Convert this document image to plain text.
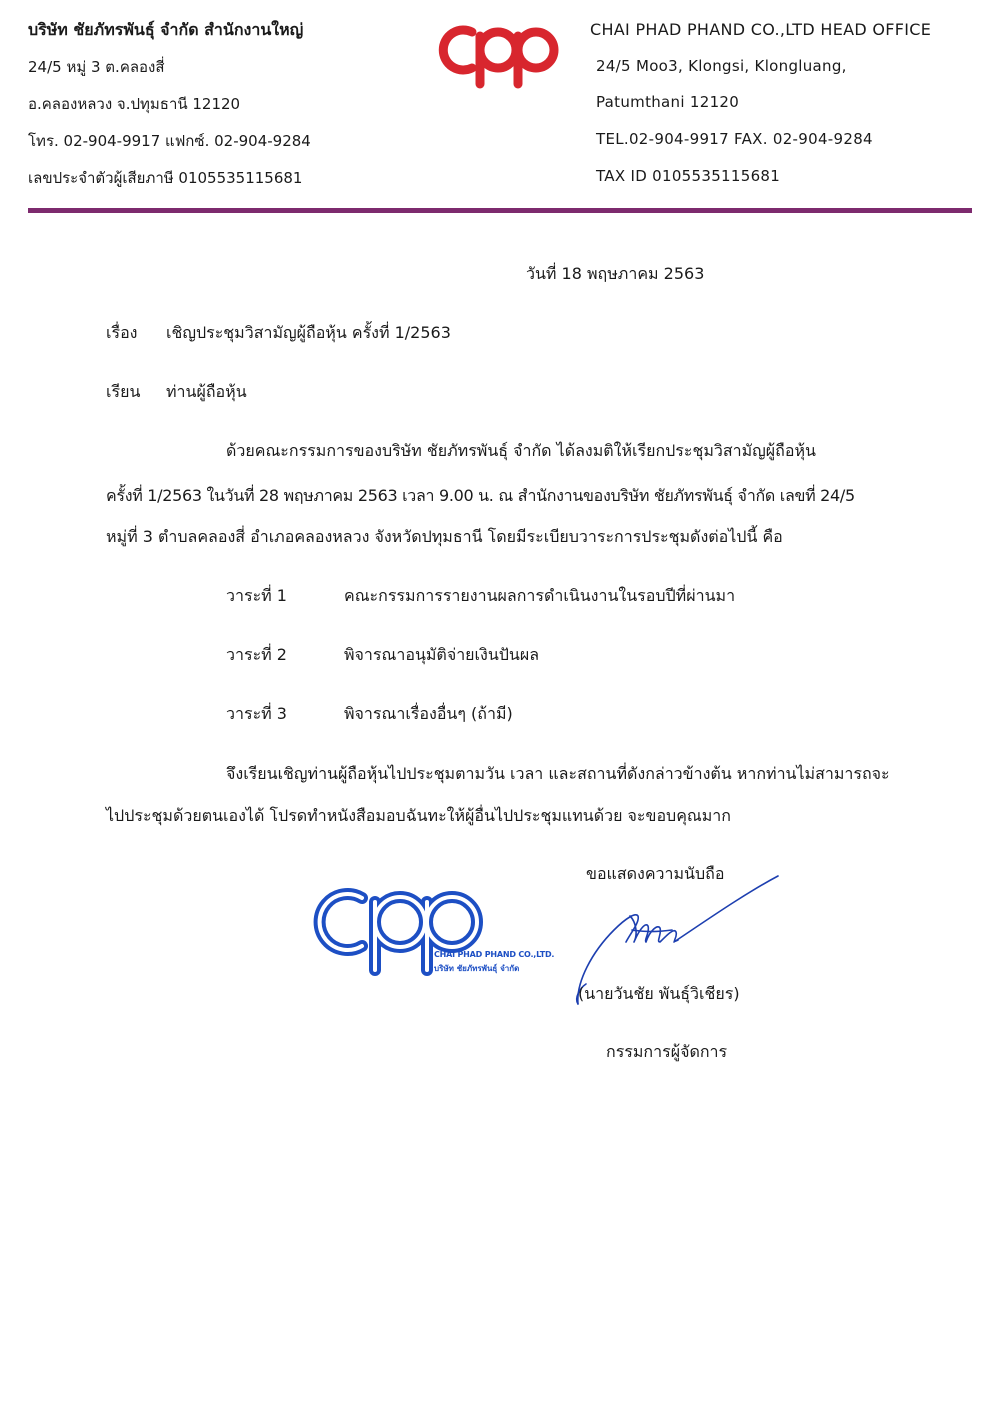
บริษัท ชัยภัทรพันธุ์ จำกัด สำนักงานใหญ่
24/5 หมู่ 3 ต.คลองสี่
อ.คลองหลวง จ.ปทุมธานี 12120
โทร. 02-904-9917 แฟกซ์. 02-904-9284
เลขประจำตัวผู้เสียภาษี 0105535115681
CHAI PHAD PHAND CO.,LTD HEAD OFFICE
24/5 Moo3, Klongsi, Klongluang,
Patumthani 12120
TEL.02-904-9917 FAX. 02-904-9284
TAX ID 0105535115681
วันที่ 18 พฤษภาคม 2563
เรื่อง เชิญประชุมวิสามัญผู้ถือหุ้น ครั้งที่ 1/2563
เรียน ท่านผู้ถือหุ้น
ด้วยคณะกรรมการของบริษัท ชัยภัทรพันธุ์ จำกัด ได้ลงมติให้เรียกประชุมวิสามัญผู้ถือหุ้น
ครั้งที่ 1/2563 ในวันที่ 28 พฤษภาคม 2563 เวลา 9.00 น. ณ สำนักงานของบริษัท ชัยภัทรพันธุ์ จำกัด เลขที่ 24/5
หมู่ที่ 3 ตำบลคลองสี่ อำเภอคลองหลวง จังหวัดปทุมธานี โดยมีระเบียบวาระการประชุมดังต่อไปนี้ คือ
วาระที่ 1	คณะกรรมการรายงานผลการดำเนินงานในรอบปีที่ผ่านมา
วาระที่ 2	พิจารณาอนุมัติจ่ายเงินปันผล
วาระที่ 3	พิจารณาเรื่องอื่นๆ (ถ้ามี)
จึงเรียนเชิญท่านผู้ถือหุ้นไปประชุมตามวัน เวลา และสถานที่ดังกล่าวข้างต้น หากท่านไม่สามารถจะ
ไปประชุมด้วยตนเองได้ โปรดทำหนังสือมอบฉันทะให้ผู้อื่นไปประชุมแทนด้วย จะขอบคุณมาก
ขอแสดงความนับถือ
CHAI PHAD PHAND CO.,LTD.
บริษัท ชัยภัทรพันธุ์ จำกัด
(นายวันชัย พันธุ์วิเชียร)
กรรมการผู้จัดการ
